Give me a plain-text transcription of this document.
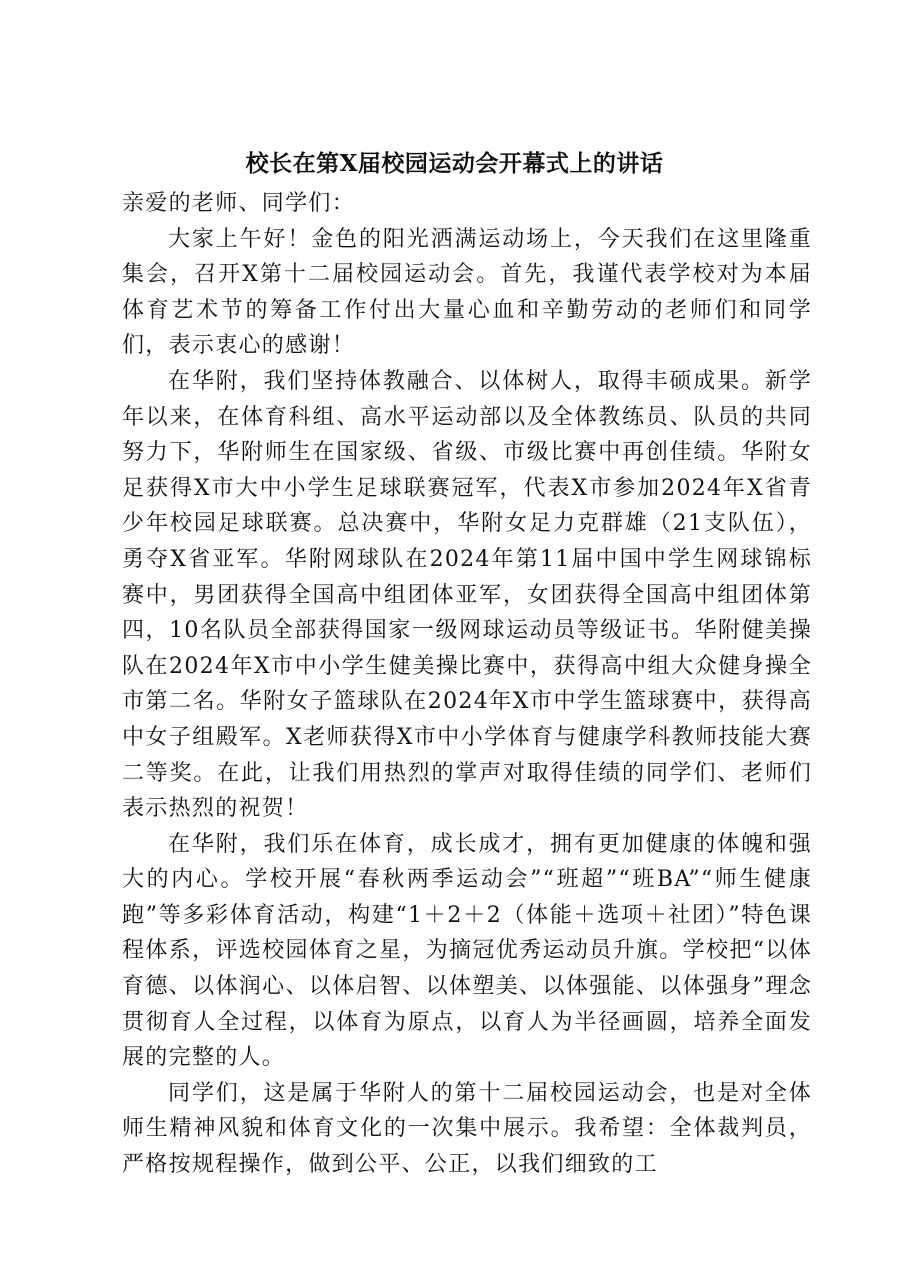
校长在第X届校园运动会开幕式上的讲话

亲爱的老师、同学们：

大家上午好！金色的阳光洒满运动场上，今天我们在这里隆重集会，召开X第十二届校园运动会。首先，我谨代表学校对为本届体育艺术节的筹备工作付出大量心血和辛勤劳动的老师们和同学们，表示衷心的感谢！

在华附，我们坚持体教融合、以体树人，取得丰硕成果。新学年以来，在体育科组、高水平运动部以及全体教练员、队员的共同努力下，华附师生在国家级、省级、市级比赛中再创佳绩。华附女足获得X市大中小学生足球联赛冠军，代表X市参加2024年X省青少年校园足球联赛。总决赛中，华附女足力克群雄（21支队伍），勇夺X省亚军。华附网球队在2024年第11届中国中学生网球锦标赛中，男团获得全国高中组团体亚军，女团获得全国高中组团体第四，10名队员全部获得国家一级网球运动员等级证书。华附健美操队在2024年X市中小学生健美操比赛中，获得高中组大众健身操全市第二名。华附女子篮球队在2024年X市中学生篮球赛中，获得高中女子组殿军。X老师获得X市中小学体育与健康学科教师技能大赛二等奖。在此，让我们用热烈的掌声对取得佳绩的同学们、老师们表示热烈的祝贺！

在华附，我们乐在体育，成长成才，拥有更加健康的体魄和强大的内心。学校开展“春秋两季运动会”“班超”“班BA”“师生健康跑”等多彩体育活动，构建“1＋2＋2（体能＋选项＋社团）”特色课程体系，评选校园体育之星，为摘冠优秀运动员升旗。学校把“以体育德、以体润心、以体启智、以体塑美、以体强能、以体强身”理念贯彻育人全过程，以体育为原点，以育人为半径画圆，培养全面发展的完整的人。

同学们，这是属于华附人的第十二届校园运动会，也是对全体师生精神风貌和体育文化的一次集中展示。我希望：全体裁判员，严格按规程操作，做到公平、公正，以我们细致的工
